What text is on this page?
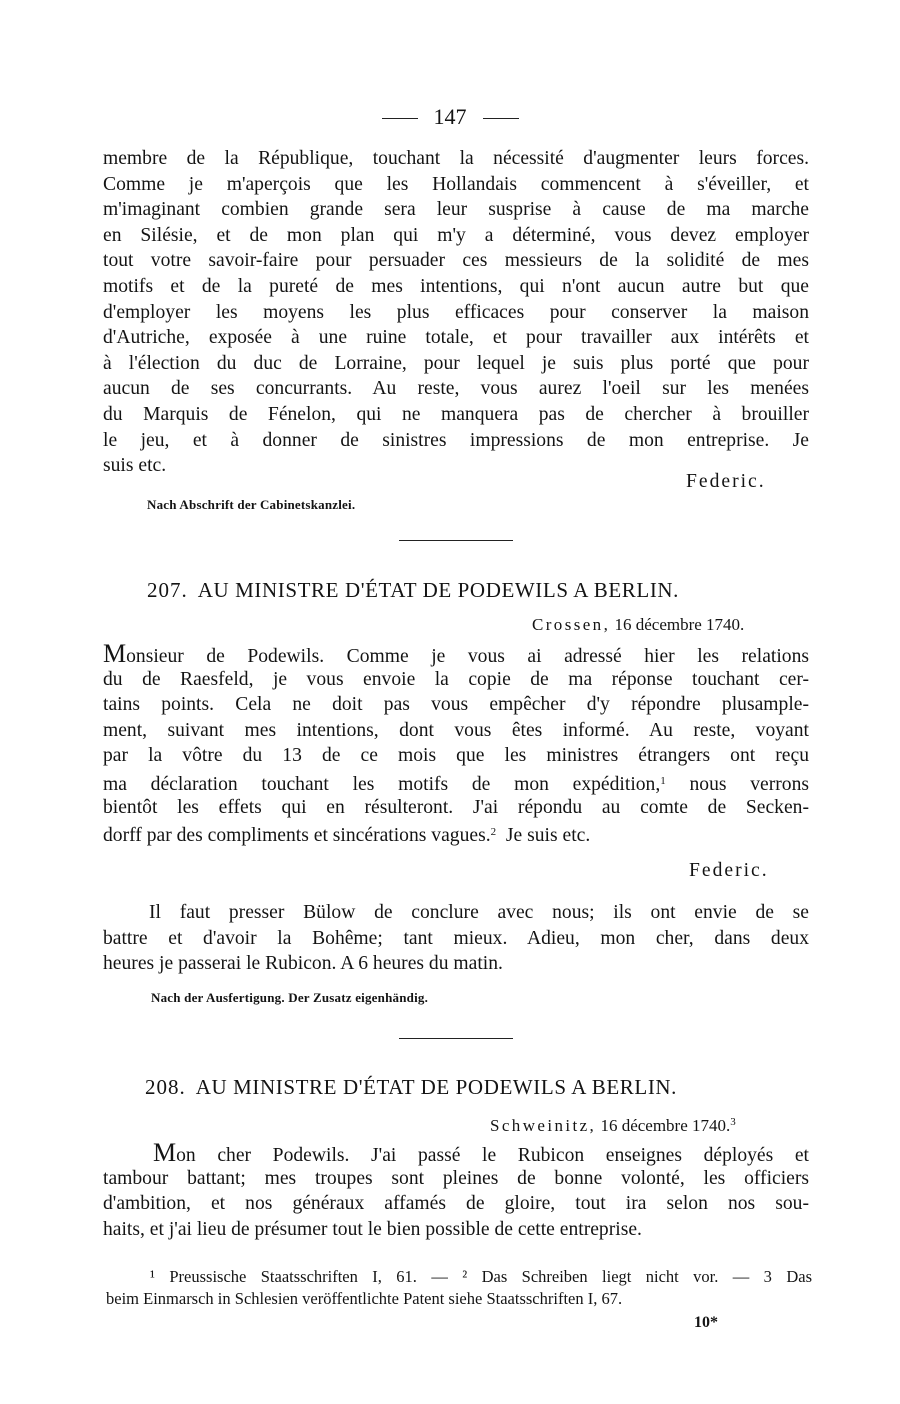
147
membre de la République, touchant la nécessité d'augmenter leurs forces.
Comme je m'aperçois que les Hollandais commencent à s'éveiller, et
m'imaginant combien grande sera leur susprise à cause de ma marche
en Silésie, et de mon plan qui m'y a déterminé, vous devez employer
tout votre savoir-faire pour persuader ces messieurs de la solidité de mes
motifs et de la pureté de mes intentions, qui n'ont aucun autre but que
d'employer les moyens les plus efficaces pour conserver la maison
d'Autriche, exposée à une ruine totale, et pour travailler aux intérêts et
à l'élection du duc de Lorraine, pour lequel je suis plus porté que pour
aucun de ses concurrants. Au reste, vous aurez l'oeil sur les menées
du Marquis de Fénelon, qui ne manquera pas de chercher à brouiller
le jeu, et à donner de sinistres impressions de mon entreprise. Je
suis etc.
Federic.
Nach Abschrift der Cabinetskanzlei.
207. AU MINISTRE D'ÉTAT DE PODEWILS A BERLIN.
Crossen, 16 décembre 1740.
Monsieur de Podewils. Comme je vous ai adressé hier les relations
du de Raesfeld, je vous envoie la copie de ma réponse touchant cer-
tains points. Cela ne doit pas vous empêcher d'y répondre plusample-
ment, suivant mes intentions, dont vous êtes informé. Au reste, voyant
par la vôtre du 13 de ce mois que les ministres étrangers ont reçu
ma déclaration touchant les motifs de mon expédition,$^1$ nous verrons
bientôt les effets qui en résulteront. J'ai répondu au comte de Secken-
dorff par des compliments et sincérations vagues.$^2$ Je suis etc.
Federic.
Il faut presser Bülow de conclure avec nous; ils ont envie de se
battre et d'avoir la Bohême; tant mieux. Adieu, mon cher, dans deux
heures je passerai le Rubicon. A 6 heures du matin.
Nach der Ausfertigung. Der Zusatz eigenhändig.
208. AU MINISTRE D'ÉTAT DE PODEWILS A BERLIN.
Schweinitz, 16 décembre 1740.$^3$
Mon cher Podewils. J'ai passé le Rubicon enseignes déployés et
tambour battant; mes troupes sont pleines de bonne volonté, les officiers
d'ambition, et nos généraux affamés de gloire, tout ira selon nos sou-
haits, et j'ai lieu de présumer tout le bien possible de cette entreprise.
¹ Preussische Staatsschriften I, 61. — ² Das Schreiben liegt nicht vor. — 3 Das
beim Einmarsch in Schlesien veröffentlichte Patent siehe Staatsschriften I, 67.
10*
